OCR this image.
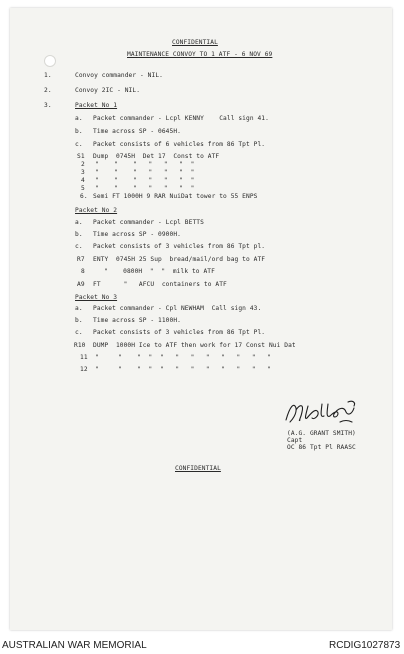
CONFIDENTIAL
MAINTENANCE CONVOY TO 1 ATF - 6 NOV 69
1.	Convoy commander - NIL.
2.	Convoy 2IC - NIL.
3.	Packet No 1
a. Packet commander - Lcpl KENNY    Call sign 41.
b. Time across SP - 0645H.
c. Packet consists of 6 vehicles from 86 Tpt Pl.
S1 Dump  0745H  Det 17  Const to ATF
2 "    "    "   "   "   "  "
3 "    "    "   "   "   "  "
4 "    "    "   "   "   "  "
5 "    "    "   "   "   "  "
6. Semi FT 1000H 9 RAR NuiDat tower to 55 ENPS
Packet No 2
a. Packet commander - Lcpl BETTS
b. Time across SP - 0900H.
c. Packet consists of 3 vehicles from 86 Tpt pl.
R7 ENTY  0745H 25 Sup  bread/mail/ord bag to ATF
8	"    0800H  "  "  milk to ATF
A9 FT      "   AFCU  containers to ATF
Packet No 3
a. Packet commander - Cpl NEWHAM  Call sign 43.
b. Time across SP - 1100H.
c. Packet consists of 3 vehicles from 86 Tpt Pl.
R10 DUMP  1000H Ice to ATF then work for 17 Const Nui Dat
11 "     "    "  "  "   "   "   "   "   "   "   "
12 "     "    "  "  "   "   "   "   "   "   "   "
(A.G. GRANT SMITH)
Capt
OC 86 Tpt Pl RAASC
CONFIDENTIAL
AUSTRALIAN WAR MEMORIAL	RCDIG1027873
